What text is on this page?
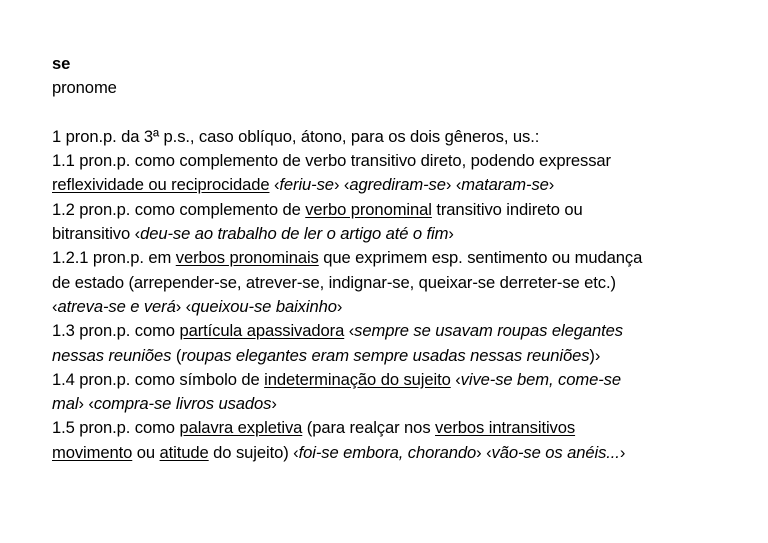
se
pronome
1 pron.p. da 3ª p.s., caso oblíquo, átono, para os dois gêneros, us.:
1.1 pron.p. como complemento de verbo transitivo direto, podendo expressar
reflexividade ou reciprocidade ‹feriu-se› ‹agrediram-se› ‹mataram-se›
1.2 pron.p. como complemento de verbo pronominal transitivo indireto ou
bitransitivo ‹deu-se ao trabalho de ler o artigo até o fim›
1.2.1 pron.p. em verbos pronominais que exprimem esp. sentimento ou mudança
de estado (arrepender-se, atrever-se, indignar-se, queixar-se derreter-se etc.)
‹atreva-se e verá› ‹queixou-se baixinho›
1.3 pron.p. como partícula apassivadora ‹sempre se usavam roupas elegantes
nessas reuniões (roupas elegantes eram sempre usadas nessas reuniões)›
1.4 pron.p. como símbolo de indeterminação do sujeito ‹vive-se bem, come-se
mal› ‹compra-se livros usados›
1.5 pron.p. como palavra expletiva (para realçar nos verbos intransitivos
movimento ou atitude do sujeito) ‹foi-se embora, chorando› ‹vão-se os anéis...›
